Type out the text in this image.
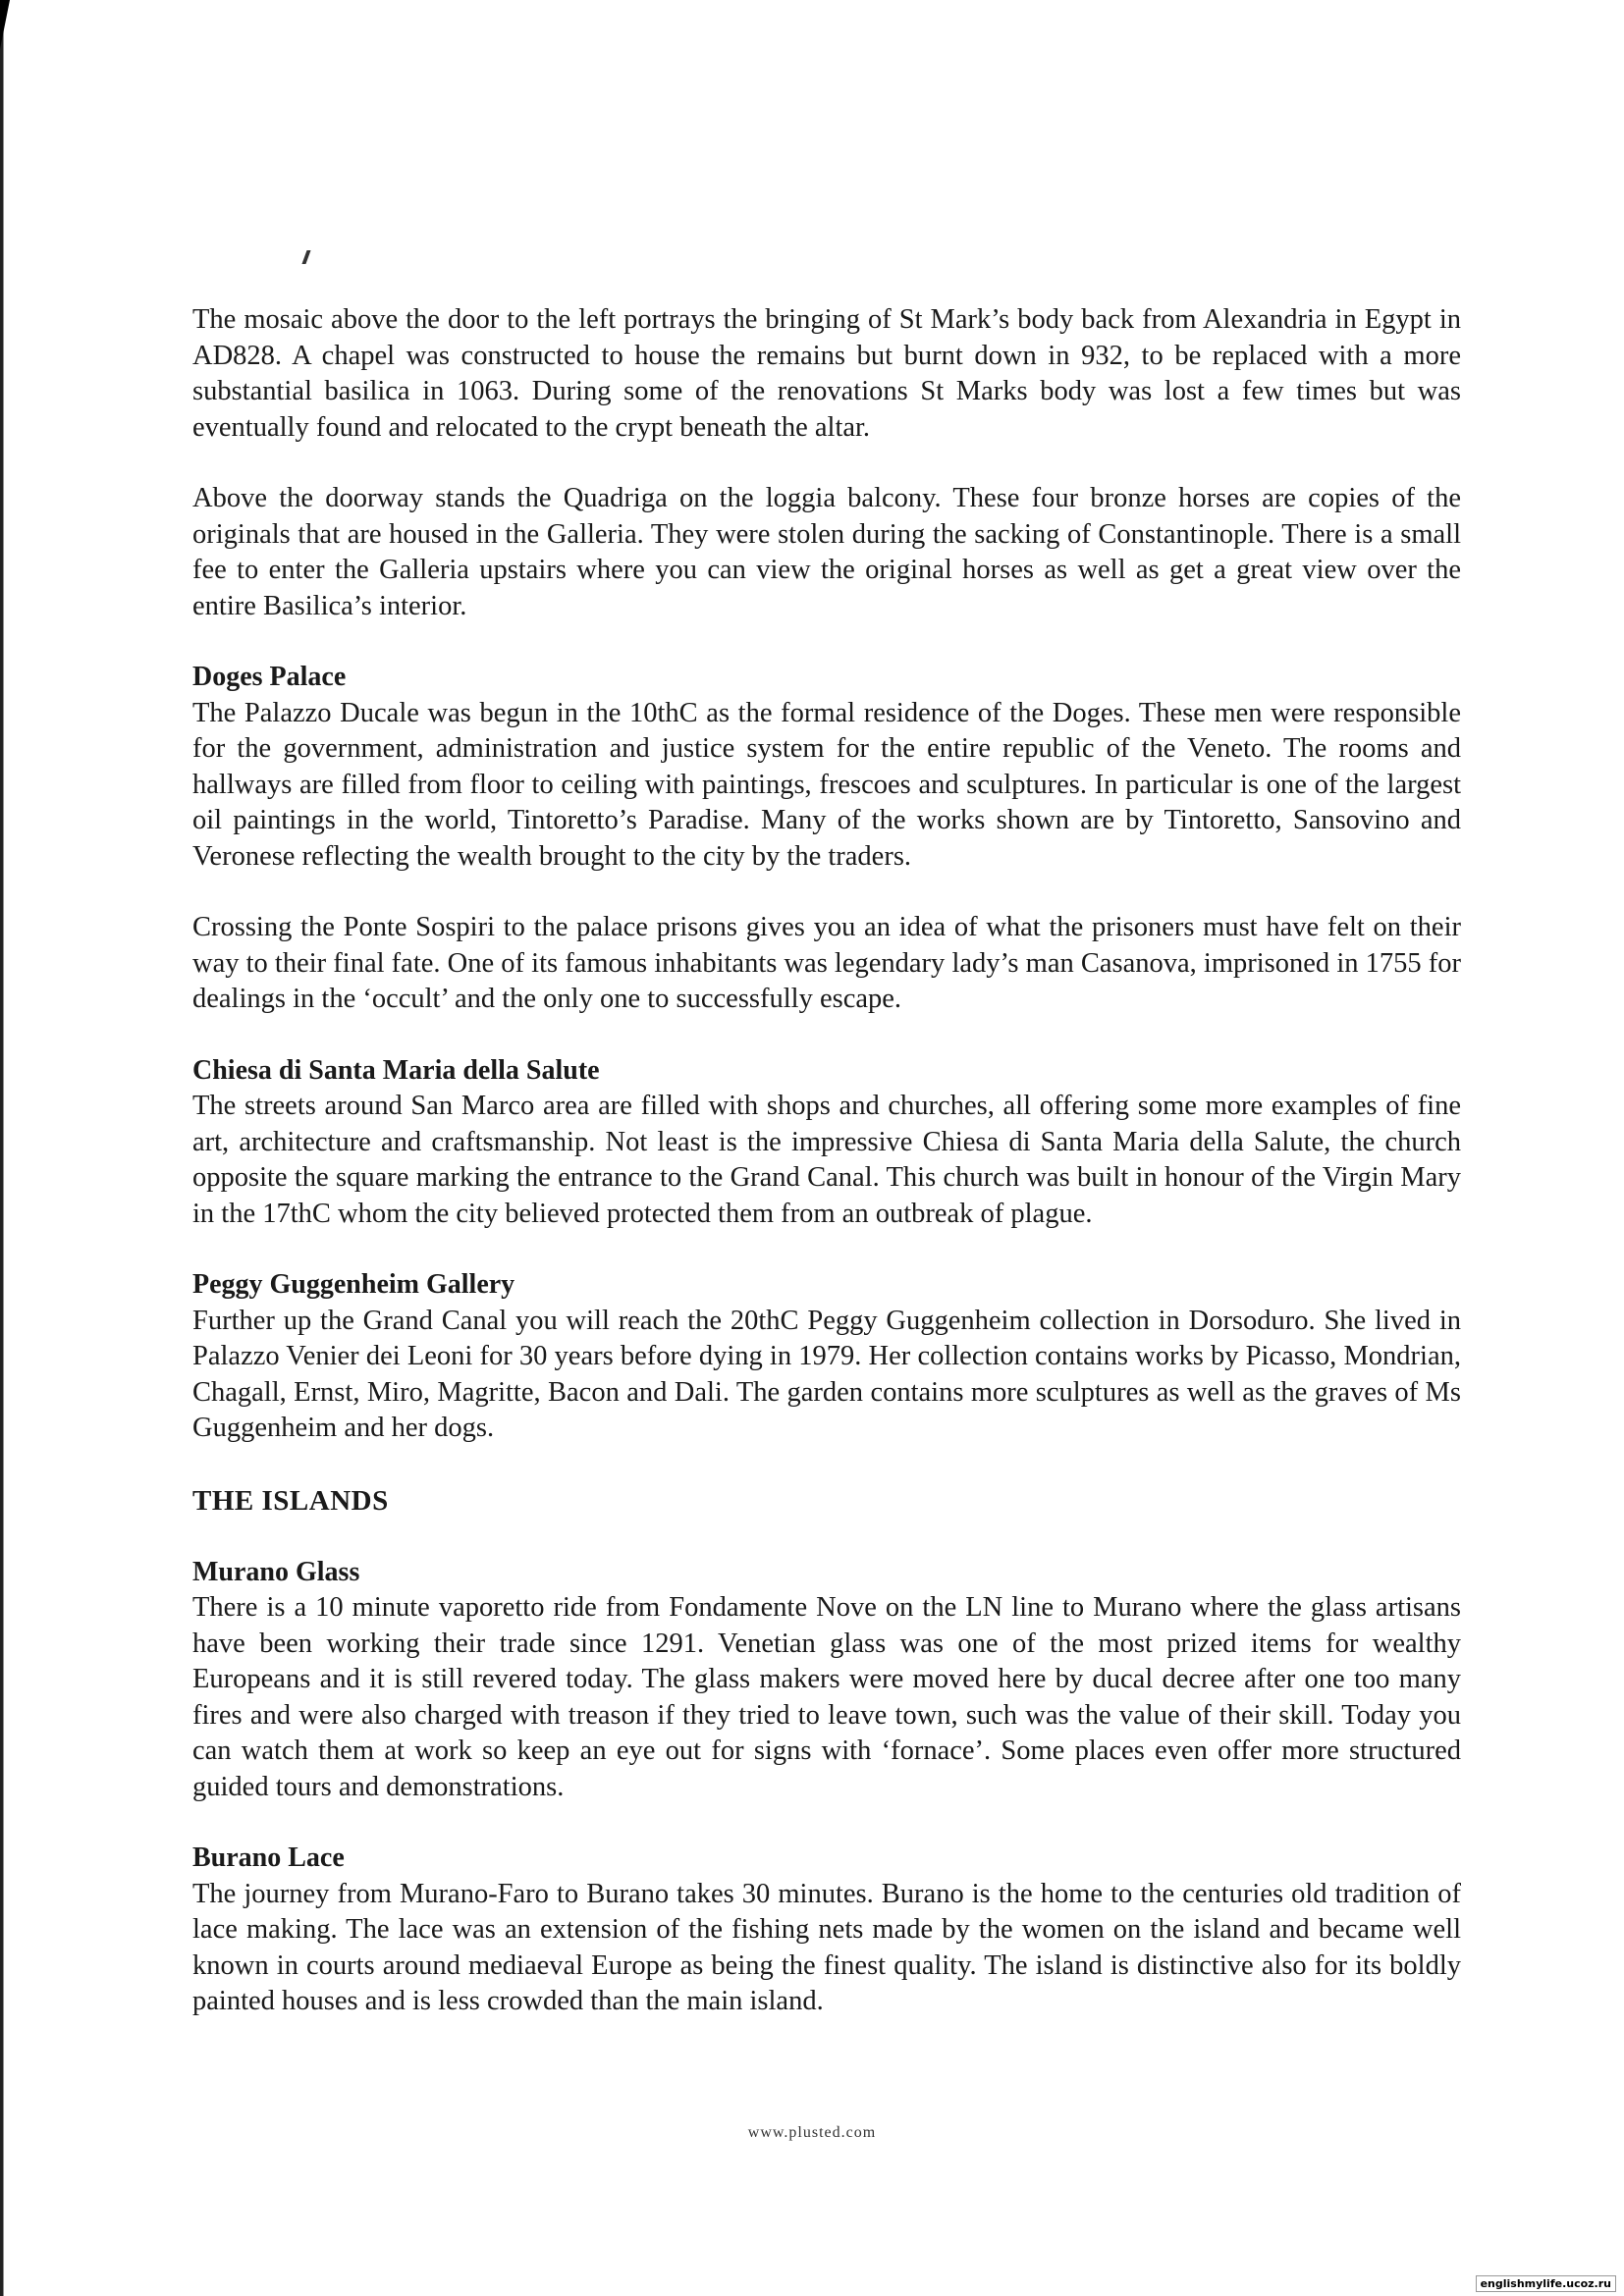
The mosaic above the door to the left portrays the bringing of St Mark’s body back from Alexandria in Egypt in AD828. A chapel was constructed to house the remains but burnt down in 932, to be replaced with a more substantial basilica in 1063. During some of the renovations St Marks body was lost a few times but was eventually found and relocated to the crypt beneath the altar.

Above the doorway stands the Quadriga on the loggia balcony. These four bronze horses are copies of the originals that are housed in the Galleria. They were stolen during the sacking of Constantinople. There is a small fee to enter the Galleria upstairs where you can view the original horses as well as get a great view over the entire Basilica’s interior.

Doges Palace

The Palazzo Ducale was begun in the 10thC as the formal residence of the Doges. These men were responsible for the government, administration and justice system for the entire republic of the Veneto. The rooms and hallways are filled from floor to ceiling with paintings, frescoes and sculptures. In particular is one of the largest oil paintings in the world, Tintoretto’s Paradise. Many of the works shown are by Tintoretto, Sansovino and Veronese reflecting the wealth brought to the city by the traders.

Crossing the Ponte Sospiri to the palace prisons gives you an idea of what the prisoners must have felt on their way to their final fate. One of its famous inhabitants was legendary lady’s man Casanova, imprisoned in 1755 for dealings in the ‘occult’ and the only one to successfully escape.

Chiesa di Santa Maria della Salute

The streets around San Marco area are filled with shops and churches, all offering some more examples of fine art, architecture and craftsmanship. Not least is the impressive Chiesa di Santa Maria della Salute, the church opposite the square marking the entrance to the Grand Canal. This church was built in honour of the Virgin Mary in the 17thC whom the city believed protected them from an outbreak of plague.

Peggy Guggenheim Gallery

Further up the Grand Canal you will reach the 20thC Peggy Guggenheim collection in Dorsoduro. She lived in Palazzo Venier dei Leoni for 30 years before dying in 1979. Her collection contains works by Picasso, Mondrian, Chagall, Ernst, Miro, Magritte, Bacon and Dali. The garden contains more sculptures as well as the graves of Ms Guggenheim and her dogs.

THE ISLANDS
Murano Glass

There is a 10 minute vaporetto ride from Fondamente Nove on the LN line to Murano where the glass artisans have been working their trade since 1291. Venetian glass was one of the most prized items for wealthy Europeans and it is still revered today. The glass makers were moved here by ducal decree after one too many fires and were also charged with treason if they tried to leave town, such was the value of their skill. Today you can watch them at work so keep an eye out for signs with ‘fornace’. Some places even offer more structured guided tours and demonstrations.

Burano Lace

The journey from Murano-Faro to Burano takes 30 minutes. Burano is the home to the centuries old tradition of lace making. The lace was an extension of the fishing nets made by the women on the island and became well known in courts around mediaeval Europe as being the finest quality. The island is distinctive also for its boldly painted houses and is less crowded than the main island.

www.plusted.com
englishmylife.ucoz.ru
